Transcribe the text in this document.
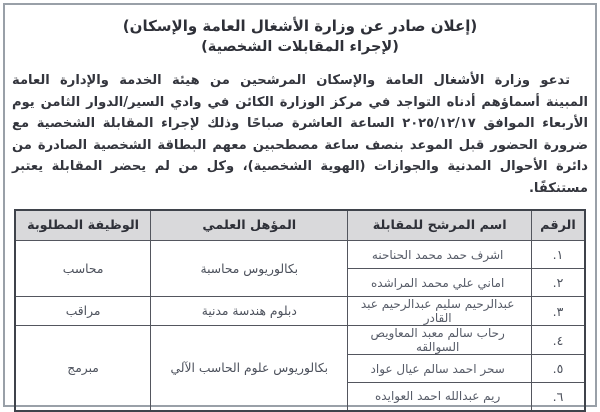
(إعلان صادر عن وزارة الأشغال العامة والإسكان)
(لإجراء المقابلات الشخصية)

تدعو وزارة الأشغال العامة والإسكان المرشحين من هيئة الخدمة والإدارة العامة المبينة أسماؤهم أدناه التواجد في مركز الوزارة الكائن في وادي السير/الدوار الثامن يوم الأربعاء الموافق ٢٠٢٥/١٢/١٧ الساعة العاشرة صباحًا وذلك لإجراء المقابلة الشخصية مع ضرورة الحضور قبل الموعد بنصف ساعة مصطحبين معهم البطاقة الشخصية الصادرة من دائرة الأحوال المدنية والجوازات (الهوية الشخصية)، وكل من لم يحضر المقابلة يعتبر مستنكفًا.

الرقم	اسم المرشح للمقابلة	المؤهل العلمي	الوظيفة المطلوبة
١.	اشرف حمد محمد الحناحنه	بكالوريوس محاسبة	محاسب
٢.	اماني علي محمد المراشده		
٣.	عبدالرحيم سليم عبدالرحيم عبد القادر	دبلوم هندسة مدنية	مراقب
٤.	رحاب سالم معبد المعاويص السوالقه	بكالوريوس علوم الحاسب الآلي	مبرمج
٥.	سحر احمد سالم عيال عواد		
٦.	ريم عبدالله احمد العوايده		
